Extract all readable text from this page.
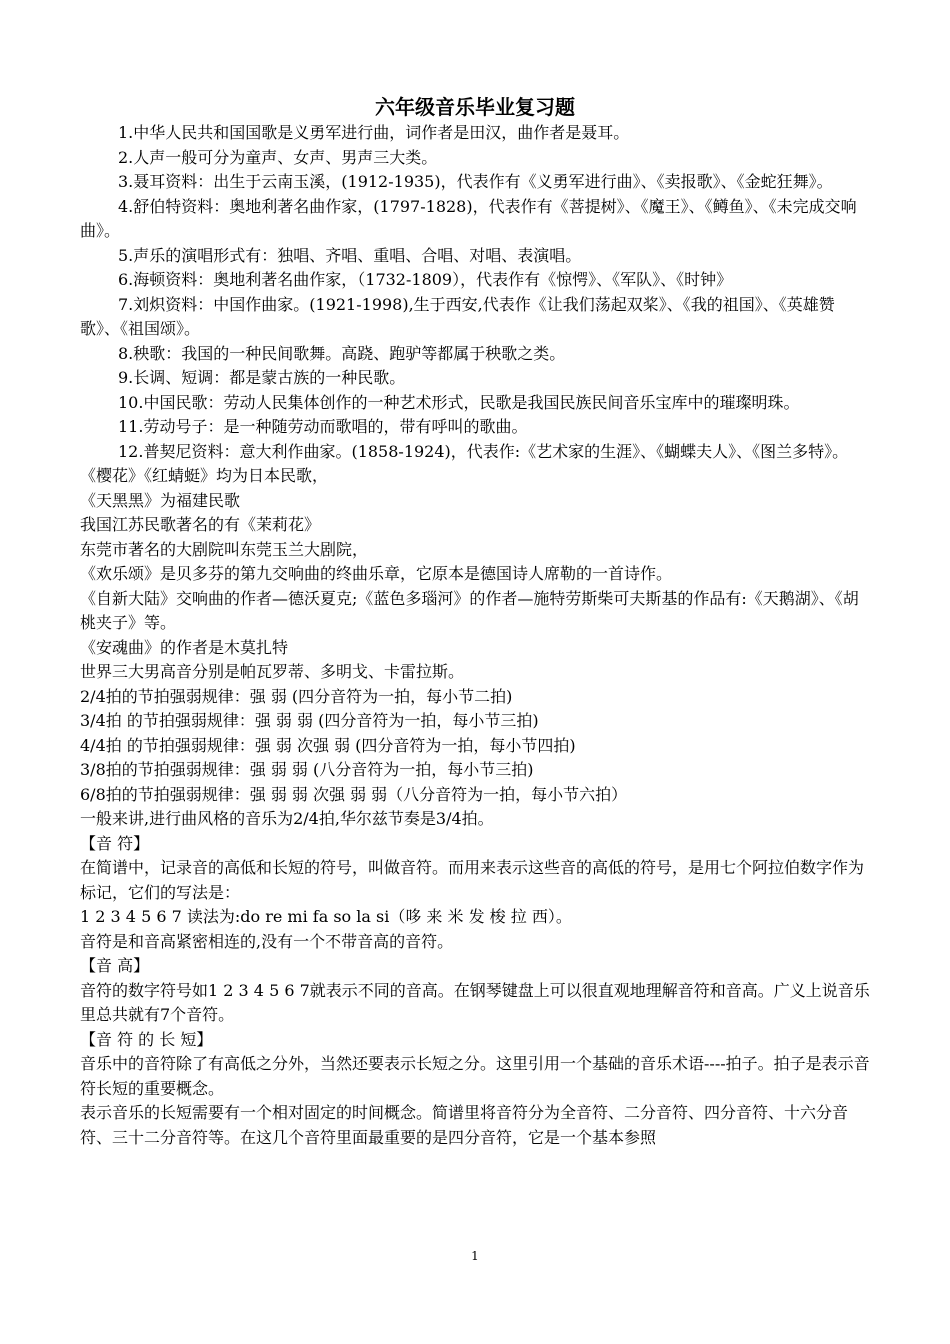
六年级音乐毕业复习题

1.中华人民共和国国歌是义勇军进行曲，词作者是田汉，曲作者是聂耳。

2.人声一般可分为童声、女声、男声三大类。

3.聂耳资料：出生于云南玉溪，(1912-1935)，代表作有《义勇军进行曲》、《卖报歌》、《金蛇狂舞》。

4.舒伯特资料：奥地利著名曲作家，(1797-1828)，代表作有《菩提树》、《魔王》、《鳟鱼》、《未完成交响曲》。

5.声乐的演唱形式有：独唱、齐唱、重唱、合唱、对唱、表演唱。

6.海顿资料：奥地利著名曲作家，（1732-1809），代表作有《惊愕》、《军队》、《时钟》

7.刘炽资料：中国作曲家。(1921-1998),生于西安,代表作《让我们荡起双桨》、《我的祖国》、《英雄赞歌》、《祖国颂》。

8.秧歌：我国的一种民间歌舞。高跷、跑驴等都属于秧歌之类。

9.长调、短调：都是蒙古族的一种民歌。

10.中国民歌：劳动人民集体创作的一种艺术形式，民歌是我国民族民间音乐宝库中的璀璨明珠。

11.劳动号子：是一种随劳动而歌唱的，带有呼叫的歌曲。

12.普契尼资料：意大利作曲家。(1858-1924)，代表作:《艺术家的生涯》、《蝴蝶夫人》、《图兰多特》。

《樱花》《红蜻蜓》均为日本民歌，

《天黑黑》为福建民歌

我国江苏民歌著名的有《茉莉花》

东莞市著名的大剧院叫东莞玉兰大剧院，

《欢乐颂》是贝多芬的第九交响曲的终曲乐章，它原本是德国诗人席勒的一首诗作。

《自新大陆》交响曲的作者—德沃夏克;《蓝色多瑙河》的作者—施特劳斯柴可夫斯基的作品有:《天鹅湖》、《胡桃夹子》等。

《安魂曲》的作者是木莫扎特

世界三大男高音分别是帕瓦罗蒂、多明戈、卡雷拉斯。

2/4拍的节拍强弱规律：强 弱 (四分音符为一拍，每小节二拍)

3/4拍 的节拍强弱规律：强 弱 弱 (四分音符为一拍，每小节三拍)

4/4拍 的节拍强弱规律：强 弱 次强 弱 (四分音符为一拍，每小节四拍)

3/8拍的节拍强弱规律：强 弱 弱 (八分音符为一拍，每小节三拍)

6/8拍的节拍强弱规律：强 弱 弱 次强 弱 弱（八分音符为一拍，每小节六拍）

一般来讲,进行曲风格的音乐为2/4拍,华尔兹节奏是3/4拍。

【音 符】

在简谱中，记录音的高低和长短的符号，叫做音符。而用来表示这些音的高低的符号，是用七个阿拉伯数字作为标记，它们的写法是：

1 2 3 4 5 6 7 读法为:do re mi fa so la si（哆 来 米 发 梭 拉 西）。

音符是和音高紧密相连的,没有一个不带音高的音符。

【音 高】

音符的数字符号如1 2 3 4 5 6 7就表示不同的音高。在钢琴键盘上可以很直观地理解音符和音高。广义上说音乐里总共就有7个音符。

【音 符 的 长 短】

音乐中的音符除了有高低之分外，当然还要表示长短之分。这里引用一个基础的音乐术语----拍子。拍子是表示音符长短的重要概念。

表示音乐的长短需要有一个相对固定的时间概念。简谱里将音符分为全音符、二分音符、四分音符、十六分音符、三十二分音符等。在这几个音符里面最重要的是四分音符，它是一个基本参照

1
